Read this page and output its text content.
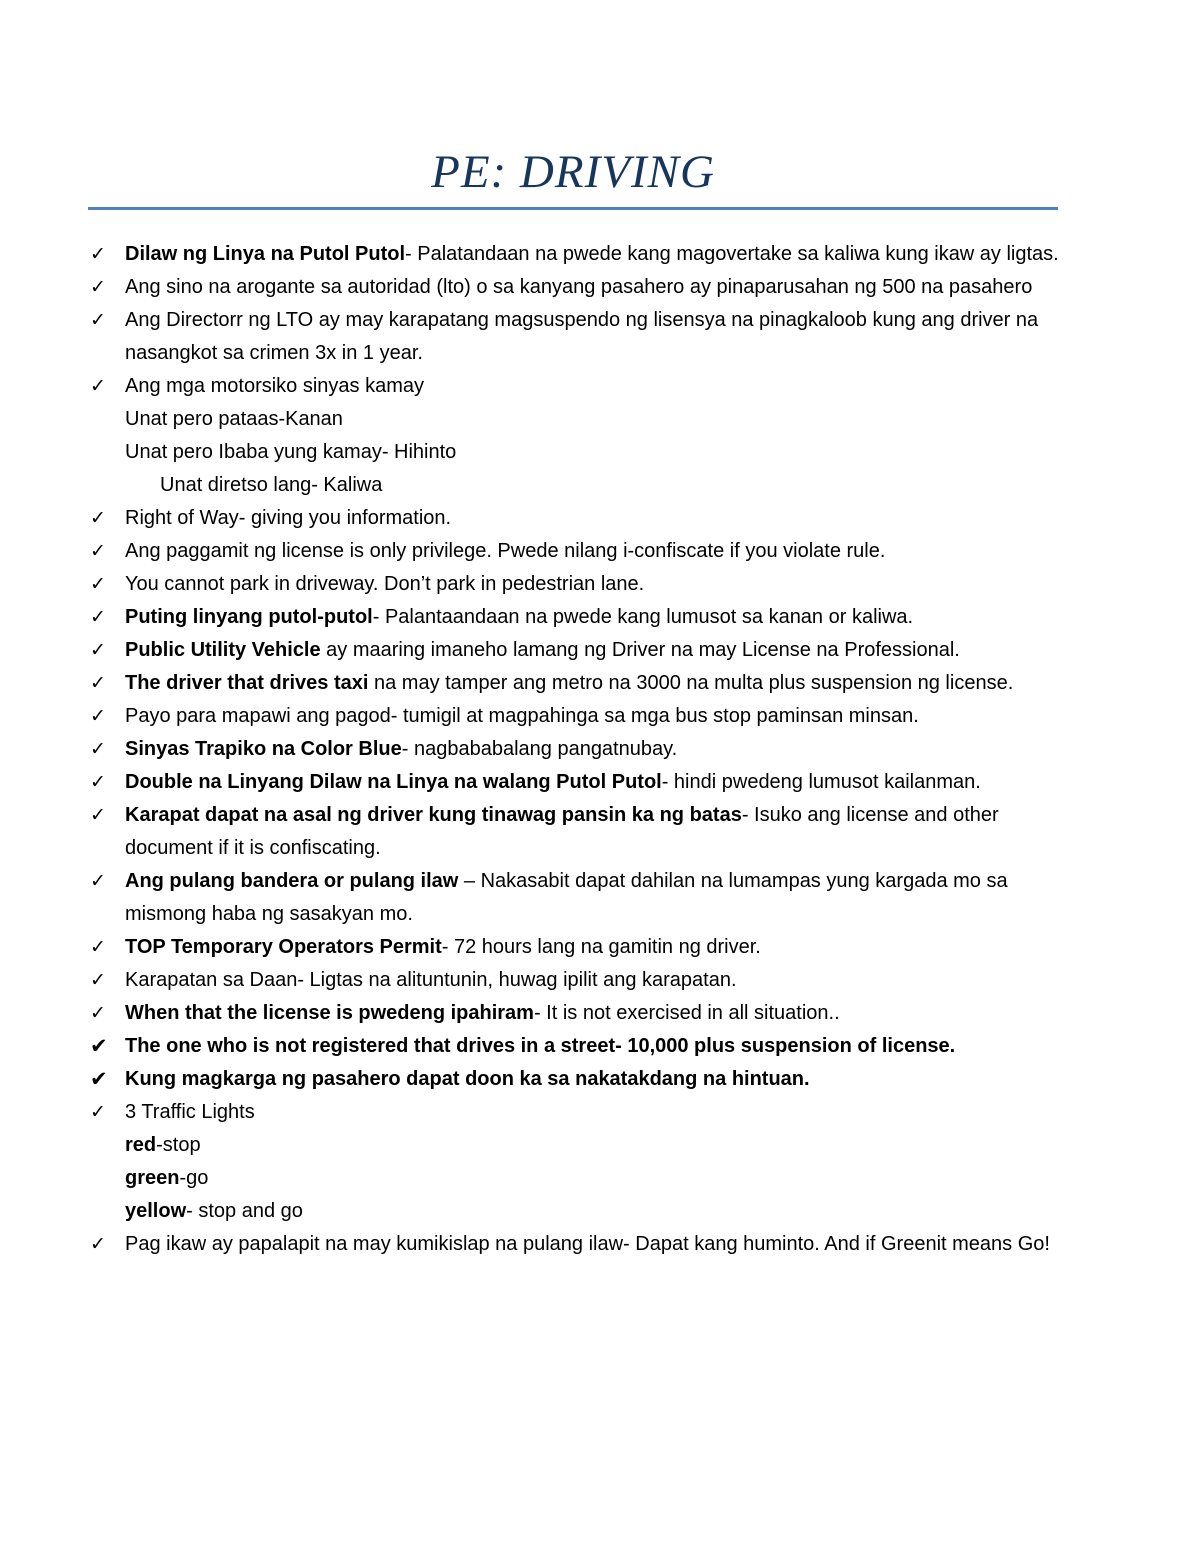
PE: DRIVING
✓ Dilaw ng Linya na Putol Putol- Palatandaan na pwede kang magovertake sa kaliwa kung ikaw ay ligtas.
✓ Ang sino na arogante sa autoridad (lto) o sa kanyang pasahero ay pinaparusahan ng 500 na pasahero
✓ Ang Directorr ng LTO ay may karapatang magsuspendo ng lisensya na pinagkaloob kung ang driver na nasangkot sa crimen 3x in 1 year.
✓ Ang mga motorsiko sinyas kamay
Unat pero pataas-Kanan
Unat pero Ibaba yung kamay- Hihinto
Unat diretso lang- Kaliwa
✓ Right of Way- giving you information.
✓ Ang paggamit ng license is only privilege. Pwede nilang i-confiscate if you violate rule.
✓ You cannot park in driveway. Don’t park in pedestrian lane.
✓ Puting linyang putol-putol- Palantaandaan na pwede kang lumusot sa kanan or kaliwa.
✓ Public Utility Vehicle ay maaring imaneho lamang ng Driver na may License na Professional.
✓ The driver that drives taxi na may tamper ang metro na 3000 na multa plus suspension ng license.
✓ Payo para mapawi ang pagod- tumigil at magpahinga sa mga bus stop paminsan minsan.
✓ Sinyas Trapiko na Color Blue- nagbababalang pangatnubay.
✓ Double na Linyang Dilaw na Linya na walang Putol Putol- hindi pwedeng lumusot kailanman.
✓ Karapat dapat na asal ng driver kung tinawag pansin ka ng batas- Isuko ang license and other document if it is confiscating.
✓ Ang pulang bandera or pulang ilaw – Nakasabit dapat dahilan na lumampas yung kargada mo sa mismong haba ng sasakyan mo.
✓ TOP Temporary Operators Permit- 72 hours lang na gamitin ng driver.
✓ Karapatan sa Daan- Ligtas na alituntunin, huwag ipilit ang karapatan.
✓ When that the license is pwedeng ipahiram- It is not exercised in all situation..
✔ The one who is not registered that drives in a street- 10,000 plus suspension of license.
✔ Kung magkarga ng pasahero dapat doon ka sa nakatakdang na hintuan.
✓ 3 Traffic Lights
red-stop
green-go
yellow- stop and go
✓ Pag ikaw ay papalapit na may kumikislap na pulang ilaw- Dapat kang huminto. And if Greenit means Go!
